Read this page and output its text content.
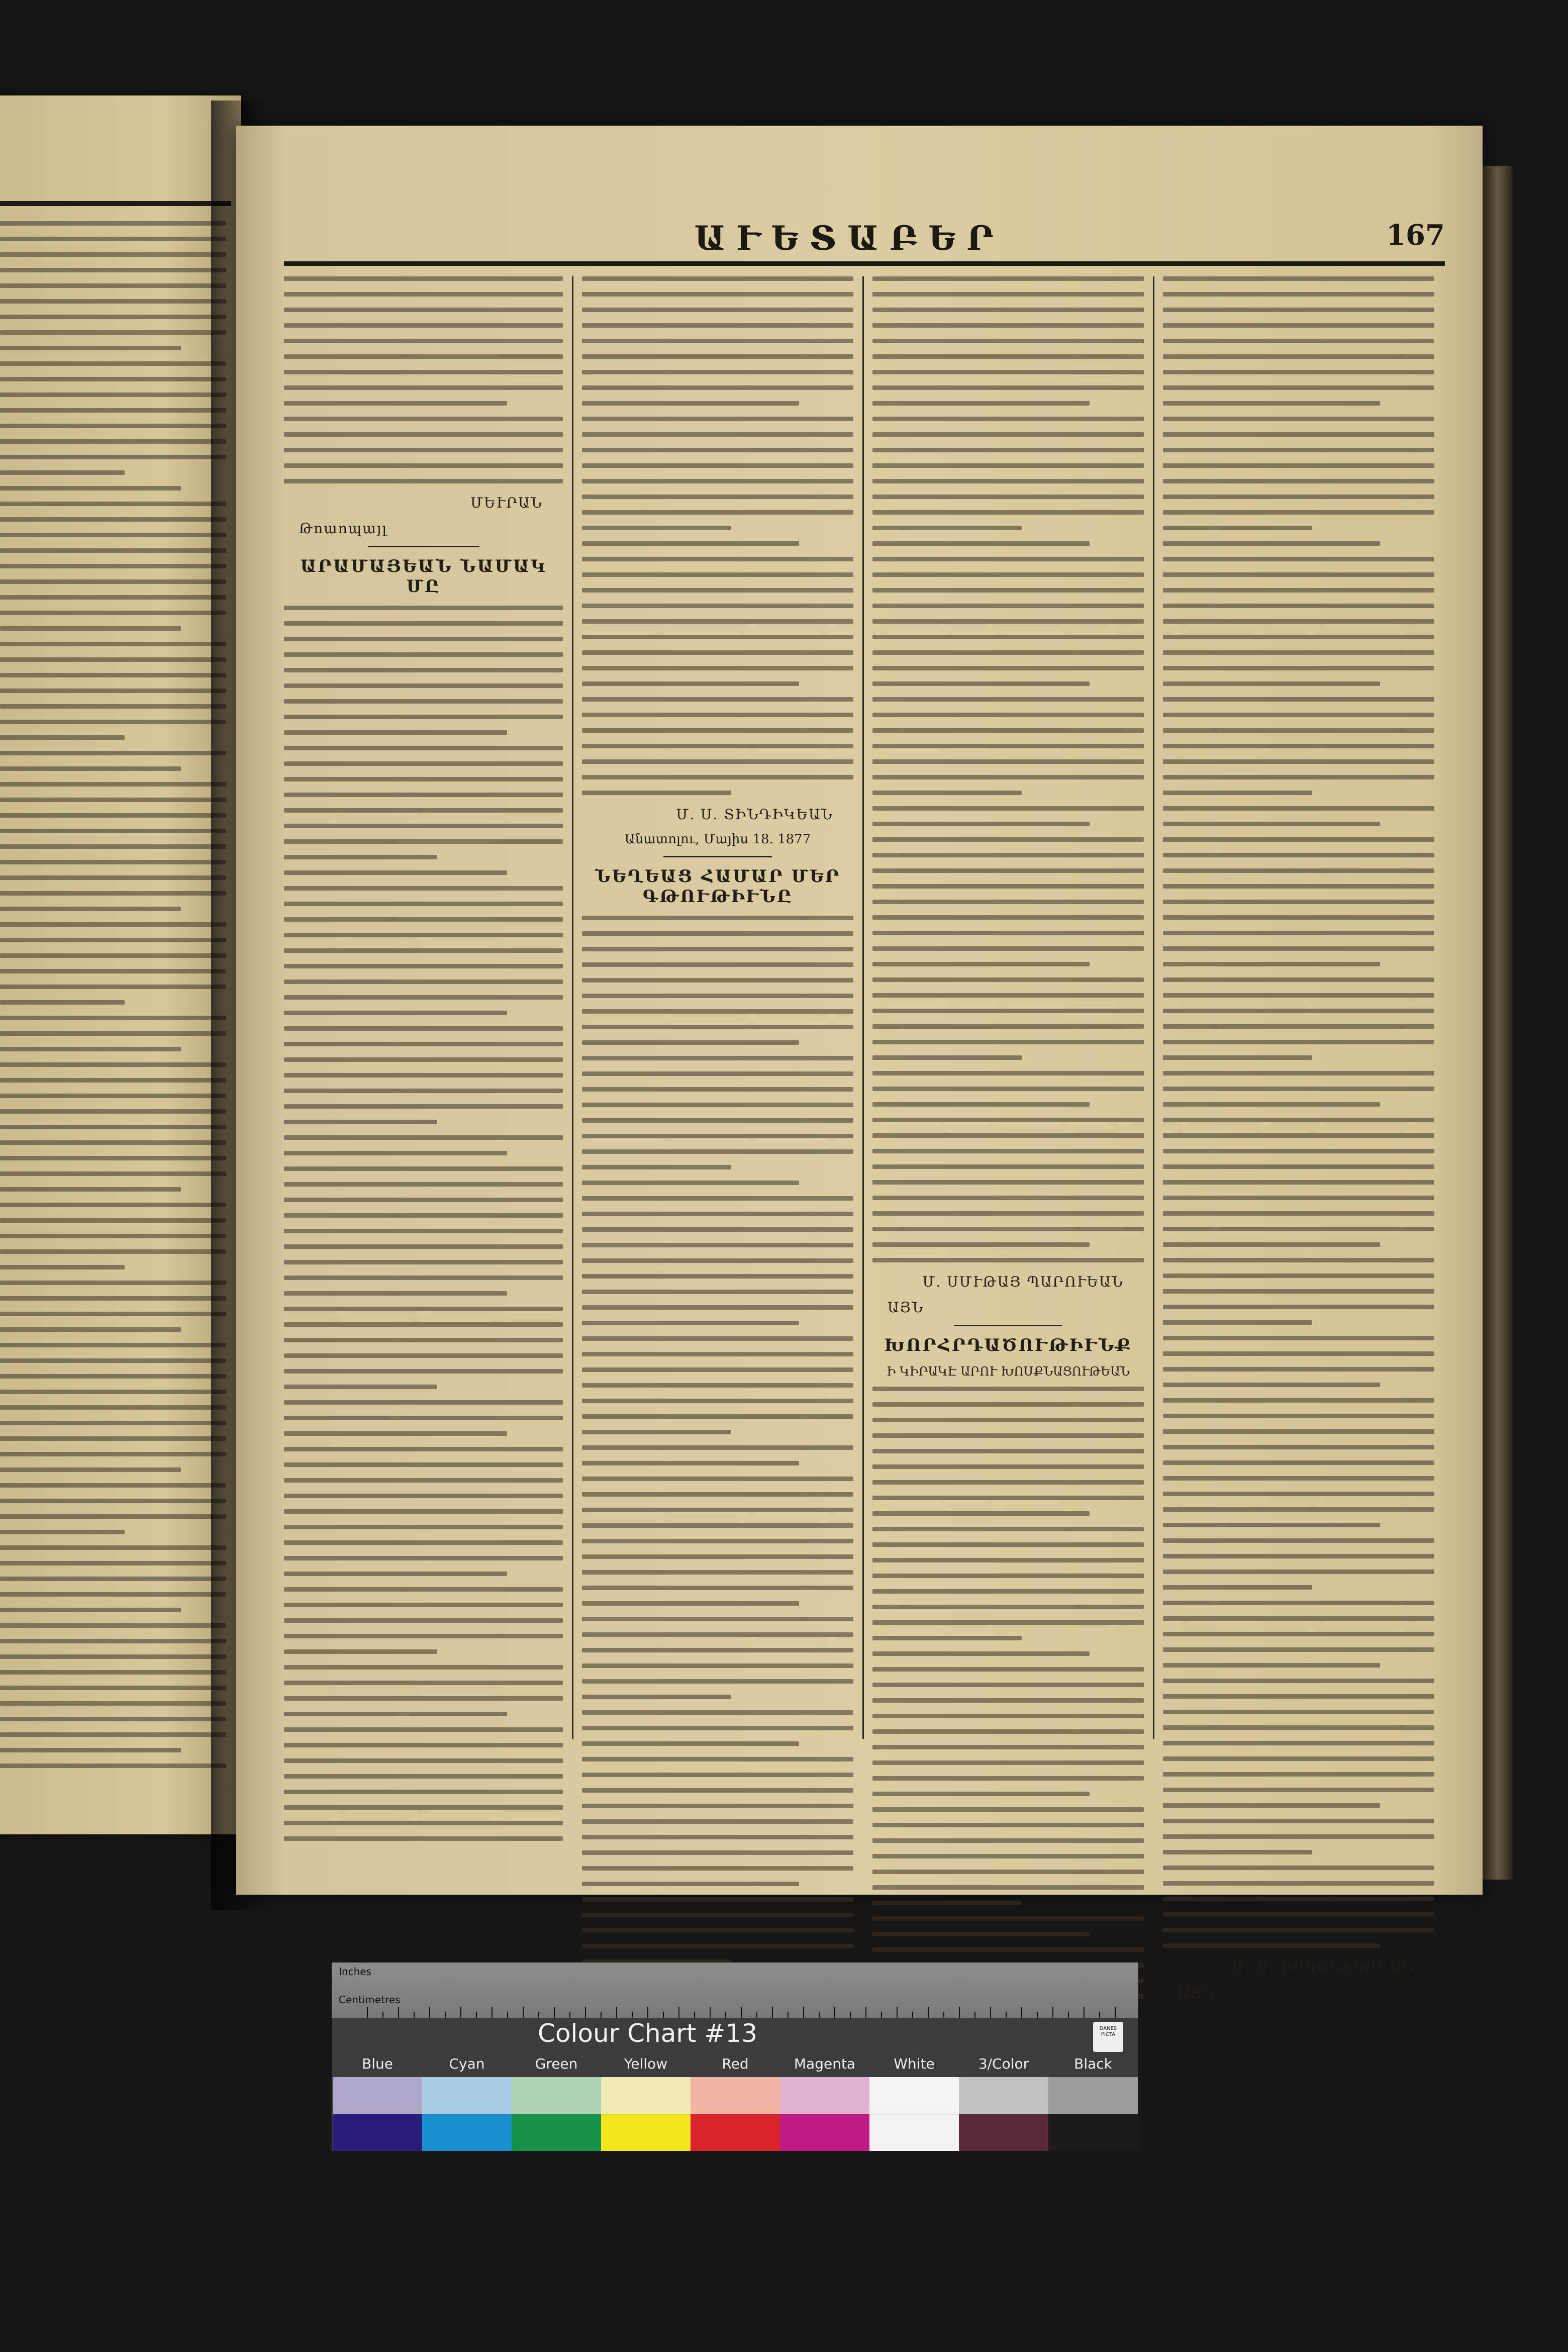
ԱՒԵՏԱԲԵՐ	167
ՄԵՒՐԱՆ
Թոաոպայլ
ԱՐԱՄԱՅԵԱՆ ՆԱՄԱԿ ՄԸ
Մ. Ս. ՏԻՆԴԻԿԵԱՆ
Անատոլու, Մայիս 18. 1877
ՆԵՂԵԱՑ ՀԱՄԱՐ ՄԵՐ ԳԹՈՒԹԻՒՆԸ
Մ. ՍՄՒԹԱՅ ՊԱՐՈՒԵԱՆ
ԱՅՆ
ԽՈՐՀՐԴԱԾՈՒԹԻՒՆՔ
Ի ԿԻՐԱԿԷ ԱՐՈՒ ԽՈՍՔՆԱՑՈՒԹԵԱՆ
Մ. Մ. ԻՍԿԵՆՏԵՐԵԱՆ
ԱՅՆ
Inches
Centimetres
Colour Chart #13	DANES PICTA
Blue	Cyan	Green	Yellow	Red	Magenta	White	3/Color	Black
